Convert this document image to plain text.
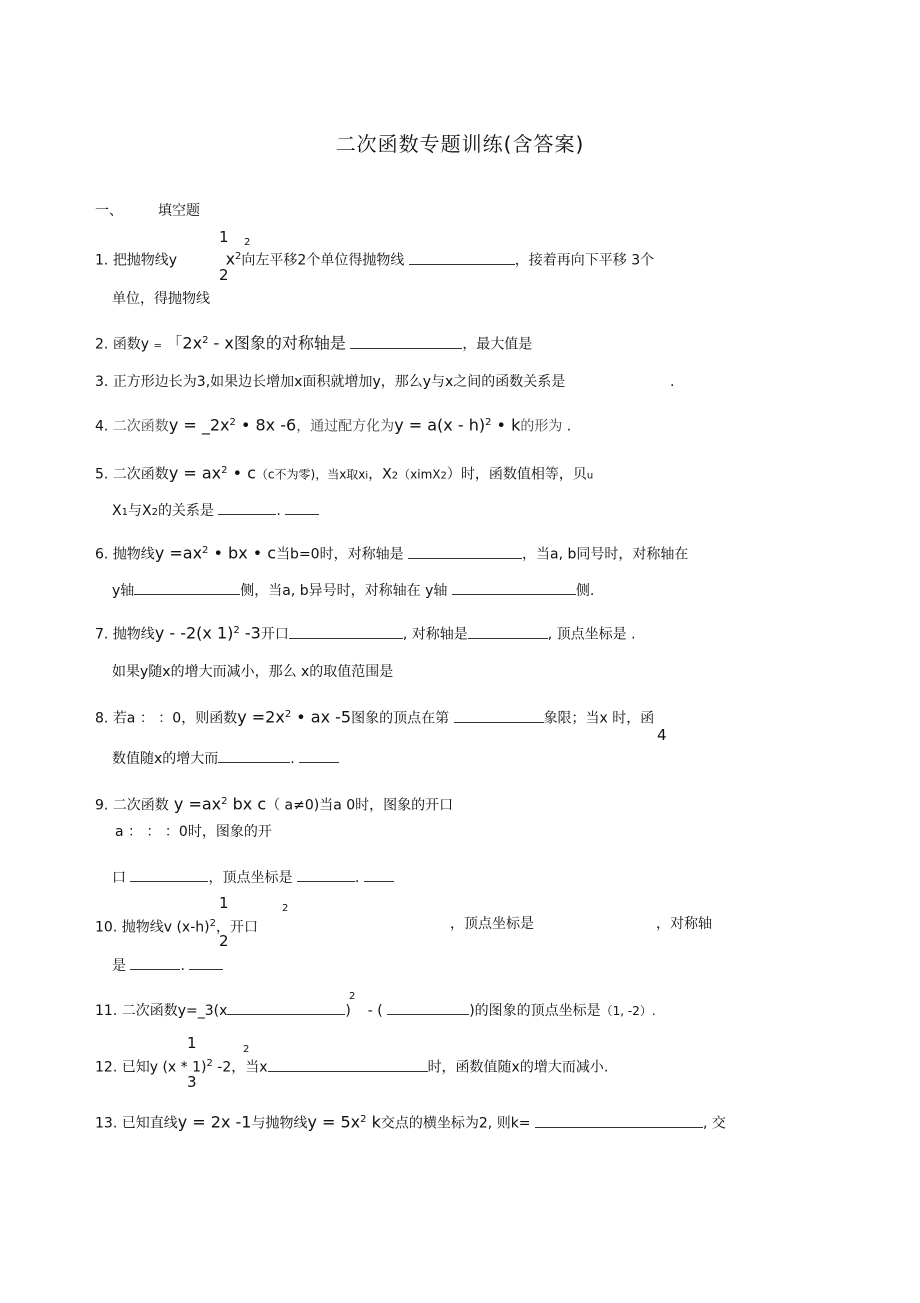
二次函数专题训练(含答案)
一、	填空题
1 2
1. 把抛物线y	$x^2$向左平移2个单位得抛物线	，接着再向下平移 3个
2
单位，得抛物线
2. 函数y = 「$2x^2$ - x图象的对称轴是	，最大值是
3. 正方形边长为3,如果边长增加x面积就增加y，那么y与x之间的函数关系是	.
4. 二次函数$y = \_2x^2$ • 8x -6，通过配方化为y = a(x - h)$^2$ • k的形为 .
5. 二次函数$y = ax^2$ • c（c不为零)，当x取xi，X2（ximX2）时，函数值相等，贝u
X1与X2的关系是	.
6. 抛物线$y =ax^2$ • bx • c当b=0时，对称轴是	，当a, b同号时，对称轴在
y轴	侧，当a, b异号时，对称轴在 y轴	侧.
7. 抛物线y - -2(x 1)$^2$ -3开口	, 对称轴是	, 顶点坐标是 .
如果y随x的增大而减小，那么 x的取值范围是
8. 若a ： ：0，则函数$y =2x^2$ • ax -5图象的顶点在第	象限；当x 时，函
4
数值随x的增大而	.
9. 二次函数 $y =ax^2$ bx c（ a≠0)当a 0时，图象的开口
a ： ： ：0时，图象的开
口	，顶点坐标是	.
1	2
10. 抛物线v $(x-h)^2$，开口	，顶点坐标是	，对称轴
2
是	.
2
11. 二次函数y=_3(x	)  - (	)的图象的顶点坐标是（1, -2）.
1	2
12. 已知y (x * 1)$^2$ -2，当x	时，函数值随x的增大而减小.
3
13. 已知直线y = 2x -1与抛物线$y = 5x^2$ k交点的横坐标为2, 则k=	, 交
